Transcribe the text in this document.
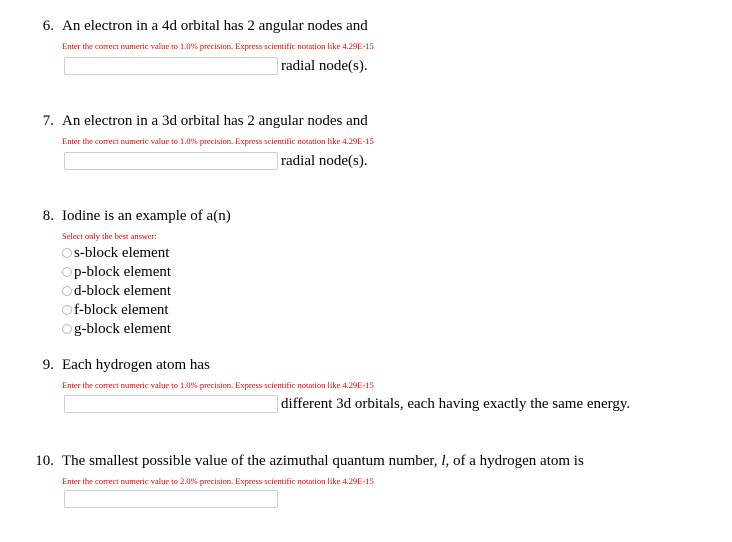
6. An electron in a 4d orbital has 2 angular nodes and
Enter the correct numeric value to 1.0% precision. Express scientific notation like 4.29E-15
radial node(s).
7. An electron in a 3d orbital has 2 angular nodes and
Enter the correct numeric value to 1.0% precision. Express scientific notation like 4.29E-15
radial node(s).
8. Iodine is an example of a(n)
Select only the best answer:
s-block element
p-block element
d-block element
f-block element
g-block element
9. Each hydrogen atom has
Enter the correct numeric value to 1.0% precision. Express scientific notation like 4.29E-15
different 3d orbitals, each having exactly the same energy.
10. The smallest possible value of the azimuthal quantum number, l, of a hydrogen atom is
Enter the correct numeric value to 2.0% precision. Express scientific notation like 4.29E-15
